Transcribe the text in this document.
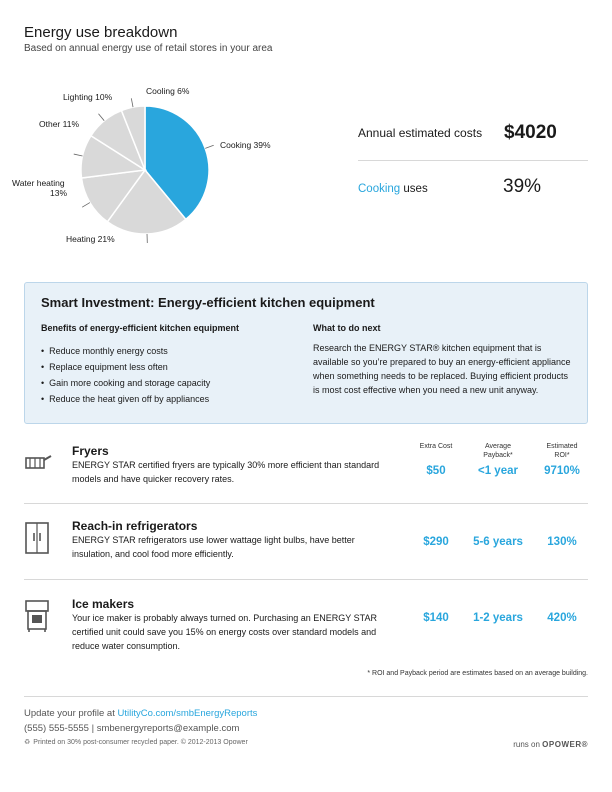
Energy use breakdown
Based on annual energy use of retail stores in your area
Cooling 6%
Lighting 10%
Other 11%
Cooking 39%
Water heating
13%
Heating 21%
Annual estimated costs $4020
Cooking uses	39%
Smart Investment: Energy-efficient kitchen equipment
Benefits of energy-efficient kitchen equipment
• Reduce monthly energy costs
• Replace equipment less often
• Gain more cooking and storage capacity
• Reduce the heat given off by appliances
What to do next
Research the ENERGY STAR® kitchen equipment that is available so you’re prepared to buy an energy-efficient appliance when something needs to be replaced. Buying efficient products is most cost effective when you need a new unit anyway.
Fryers
ENERGY STAR certified fryers are typically 30% more efficient than standard models and have quicker recovery rates.
Extra Cost	Average
Payback*
Estimated
ROI*
$50	<1 year	9710%
Reach-in refrigerators
ENERGY STAR refrigerators use lower wattage light bulbs, have better insulation, and cool food more efficiently.
$290	5-6 years	130%
Ice makers
Your ice maker is probably always turned on. Purchasing an ENERGY STAR certified unit could save you 15% on energy costs over standard models and reduce water consumption.
$140	1-2 years	420%
* ROI and Payback period are estimates based on an average building.
Update your profile at UtilityCo.com/smbEnergyReports
(555) 555-5555 | smbenergyreports@example.com
♻ Printed on 30% post-consumer recycled paper. © 2012-2013 Opower	runs on OPOWER®
